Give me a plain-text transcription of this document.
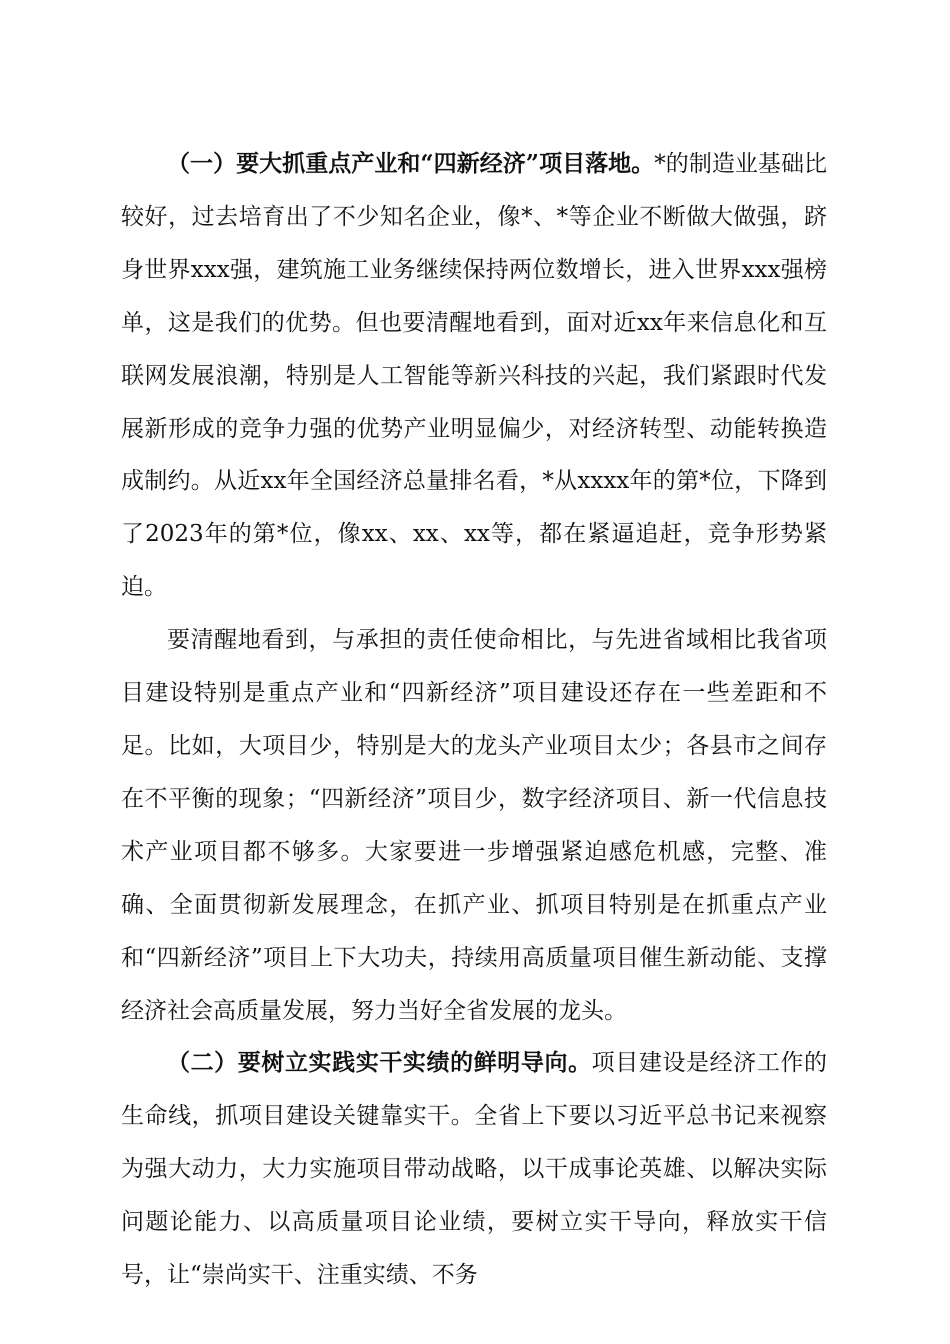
（一）要大抓重点产业和“四新经济”项目落地。*的制造业基础比较好，过去培育出了不少知名企业，像*、*等企业不断做大做强，跻身世界xxx强，建筑施工业务继续保持两位数增长，进入世界xxx强榜单，这是我们的优势。但也要清醒地看到，面对近xx年来信息化和互联网发展浪潮，特别是人工智能等新兴科技的兴起，我们紧跟时代发展新形成的竞争力强的优势产业明显偏少，对经济转型、动能转换造成制约。从近xx年全国经济总量排名看，*从xxxx年的第*位，下降到了2023年的第*位，像xx、xx、xx等，都在紧逼追赶，竞争形势紧迫。

要清醒地看到，与承担的责任使命相比，与先进省域相比我省项目建设特别是重点产业和“四新经济”项目建设还存在一些差距和不足。比如，大项目少，特别是大的龙头产业项目太少；各县市之间存在不平衡的现象；“四新经济”项目少，数字经济项目、新一代信息技术产业项目都不够多。大家要进一步增强紧迫感危机感，完整、准确、全面贯彻新发展理念，在抓产业、抓项目特别是在抓重点产业和“四新经济”项目上下大功夫，持续用高质量项目催生新动能、支撑经济社会高质量发展，努力当好全省发展的龙头。

（二）要树立实践实干实绩的鲜明导向。项目建设是经济工作的生命线，抓项目建设关键靠实干。全省上下要以习近平总书记来视察为强大动力，大力实施项目带动战略，以干成事论英雄、以解决实际问题论能力、以高质量项目论业绩，要树立实干导向，释放实干信号，让“崇尚实干、注重实绩、不务
